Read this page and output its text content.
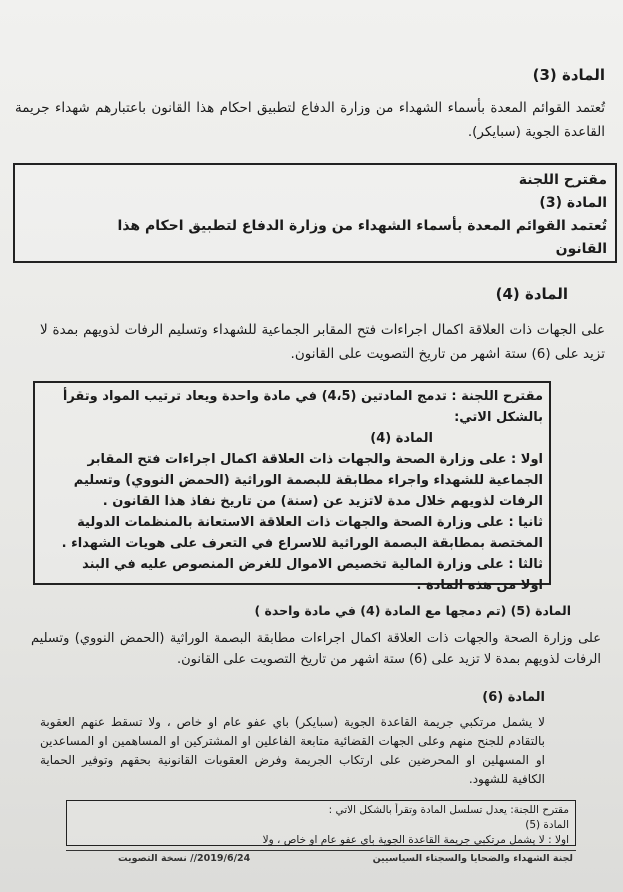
المادة (3)
تُعتمد القوائم المعدة بأسماء الشهداء من وزارة الدفاع لتطبيق احكام هذا القانون باعتبارهم شهداء جريمة القاعدة الجوية (سبايكر).
مقترح اللجنة
المادة (3)
تُعتمد القوائم المعدة بأسماء الشهداء من وزارة الدفاع لتطبيق احكام هذا
القانون
المادة (4)
على الجهات ذات العلاقة اكمال اجراءات فتح المقابر الجماعية للشهداء وتسليم الرفات لذويهم بمدة لا تزيد على (6) ستة اشهر من تاريخ التصويت على القانون.
مقترح اللجنة : تدمج المادتين (4،5) في مادة واحدة ويعاد ترتيب المواد وتقرأ
بالشكل الاتي:
المادة (4)
اولا : على وزارة الصحة والجهات ذات العلاقة اكمال اجراءات فتح المقابر
الجماعية للشهداء واجراء مطابقة للبصمة الوراثية (الحمض النووي) وتسليم
الرفات لذويهم خلال مدة لاتزيد عن (سنة) من تاريخ نفاذ هذا القانون .
ثانيا : على وزارة الصحة والجهات ذات العلاقة الاستعانة بالمنظمات الدولية
المختصة بمطابقة البصمة الوراثية للاسراع في التعرف على هويات الشهداء .
ثالثا : على وزارة المالية تخصيص الاموال للغرض المنصوص عليه في البند
اولا من هذه المادة .
المادة (5) (تم دمجها مع المادة (4) في مادة واحدة )
على وزارة الصحة والجهات ذات العلاقة اكمال اجراءات مطابقة البصمة الوراثية (الحمض النووي) وتسليم الرفات لذويهم بمدة لا تزيد على (6) ستة اشهر من تاريخ التصويت على القانون.
المادة (6)
لا يشمل مرتكبي جريمة القاعدة الجوية (سبايكر) باي عفو عام او خاص ، ولا تسقط عنهم العقوبة بالتقادم للجنح منهم وعلى الجهات القضائية متابعة الفاعلين او المشتركين او المساهمين او المساعدين او المسهلين او المحرضين على ارتكاب الجريمة وفرض العقوبات القانونية بحقهم وتوفير الحماية الكافية للشهود.
مقترح اللجنة: يعدل تسلسل المادة وتقرأ بالشكل الاتي :
المادة (5)
اولا : لا يشمل مرتكبي جريمة القاعدة الجوية باي عفو عام او خاص ، ولا
2019/6/24// نسخة التصويت	لجنة الشهداء والضحايا والسجناء السياسيين
